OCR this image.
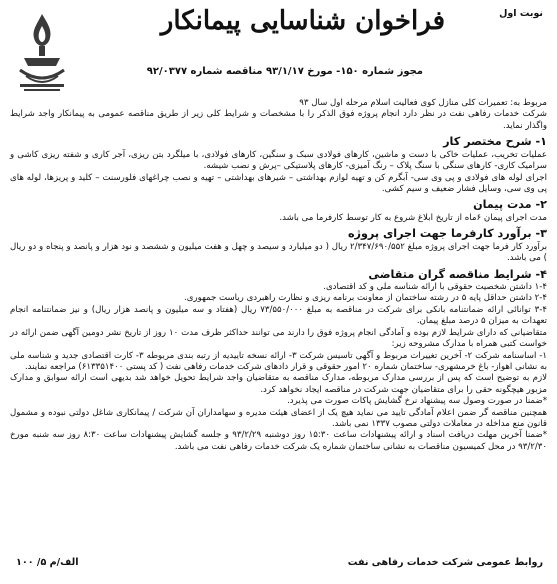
نوبت اول
فراخوان شناسایی پیمانکار
مجوز شماره ۱۵۰- مورخ ۹۳/۱/۱۷ مناقصه شماره ۹۲/۰۳۷۷

مربوط به: تعمیرات کلی منازل کوی فعالیت اسلام مرحله اول سال ۹۳

شرکت خدمات رفاهی نفت در نظر دارد انجام پروژه فوق الذکر را با مشخصات و شرایط کلی زیر از طریق مناقصه عمومی به پیمانکار واجد شرایط واگذار نماید.

۱- شرح مختصر کار

عملیات تخریب، عملیات خاکی با دست و ماشین، کارهای فولادی سبک و سنگین، کارهای فولادی، با میلگرد بتن ریزی، آجر کاری و شفته ریزی کاشی و سرامیک کاری- کارهای سنگی با سنگ پلاک – رنگ آمیزی- کارهای پلاستیکی –پرش و نصب شیشه.

اجرای لوله های فولادی و پی وی سی- آبگرم کن و تهیه لوازم بهداشتی – شیرهای بهداشتی – تهیه و نصب چراغهای فلورسنت – کلید و پریزها، لوله های پی وی سی، وسایل فشار ضعیف و سیم کشی.

۲- مدت پیمان

مدت اجرای پیمان ۶ماه از تاریخ ابلاغ شروع به کار توسط کارفرما می باشد.

۳- برآورد کارفرما جهت اجرای پروژه

برآورد کار فرما جهت اجرای پروژه مبلغ ۲/۳۴۷/۶۹۰/۵۵۲ ریال ( دو میلیارد و سیصد و چهل و هفت میلیون و ششصد و نود هزار و پانصد و پنجاه و دو ریال ) می باشد.

۴- شرایط مناقصه گران متقاضی

۱-۴ داشتن شخصیت حقوقی با ارائه شناسه ملی و کد اقتصادی.

۲-۴ داشتن حداقل پایه ۵ در رشته ساختمان از معاونت برنامه ریزی و نظارت راهبردی ریاست جمهوری.

۳-۴ توانائی ارائه ضمانتنامه بانکی برای شرکت در مناقصه به مبلغ ۷۳/۵۵۰/۰۰۰ ریال (هفتاد و سه میلیون و پانصد هزار ریال) و نیز ضمانتنامه انجام تعهدات به میزان ۵ درصد مبلغ پیمان.

متقاضیانی که دارای شرایط لازم بوده و آمادگی انجام پروژه فوق را دارند می توانند حداکثر ظرف مدت ۱۰ روز از تاریخ نشر دومین آگهی ضمن ارائه در خواست کتبی همراه با مدارک مشروحه زیر:

۱- اساسنامه شرکت ۲- آخرین تغییرات مربوط و آگهی تاسیس شرکت ۳- ارائه نسخه تاییدیه از رتبه بندی مربوطه ۳- کارت اقتصادی جدید و شناسه ملی به نشانی اهواز- باغ خرمشهری- ساختمان شماره ۲۰ امور حقوقی و قرار دادهای شرکت خدمات رفاهی نفت ( کد پستی ۶۱۳۳۵۱۴۰۰) مراجعه نمایند.

لازم به توضیح است که پس از بررسی مدارک مربوطه، مدارک مناقصه به متقاضیان واجد شرایط تحویل خواهد شد بدیهی است ارائه سوابق و مدارک مزبور هیچگونه حقی را برای متقاضیان جهت شرکت در مناقصه ایجاد نخواهد کرد.

*ضمنا در صورت وصول سه پیشنهاد نرخ گشایش پاکات صورت می پذیرد.

همچنین مناقصه گر ضمن اعلام آمادگی تایید می نماید هیچ یک از اعضای هیئت مدیره و سهامداران آن شرکت / پیمانکاری شاغل دولتی نبوده و مشمول قانون منع مداخله در معاملات دولتی مصوب ۱۳۳۷ نمی باشد.

*ضمنا آخرین مهلت دریافت اسناد و ارائه پیشنهادات ساعت ۱۵:۳۰ روز دوشنبه ۹۳/۲/۲۹ و جلسه گشایش پیشنهادات ساعت ۸:۳۰ روز سه شنبه مورخ ۹۳/۲/۳۰ در محل کمیسیون مناقصات به نشانی ساختمان شماره یک شرکت خدمات رفاهی نفت می باشد.

روابط عمومی شرکت خدمات رفاهی نفت
الف/م ۵/ ۱۰۰
